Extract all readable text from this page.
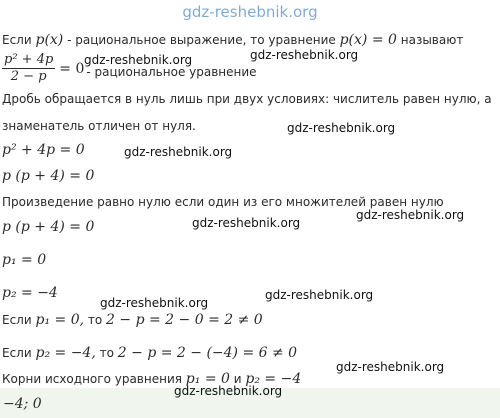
gdz-reshebnik.org
Если p(x) - рациональное выражение, то уравнение p(x) = 0 называют
$\frac{\text{p² + 4p}}{2 - p} = 0$ - рациональное уравнение
gdz-reshebnik.org	gdz-reshebnik.org
Дробь обращается в нуль лишь при двух условиях: числитель равен нулю, а
знаменатель отличен от нуля.	gdz-reshebnik.org
p² + 4p = 0	gdz-reshebnik.org
p (p + 4) = 0
Произведение равно нулю если один из его множителей равен нулю
gdz-reshebnik.org
p (p + 4) = 0	gdz-reshebnik.org
p₁ = 0
p₂ = −4	gdz-reshebnik.org
gdz-reshebnik.org
Если p₁ = 0, то 2 − p = 2 − 0 = 2 ≠ 0
Если p₂ = −4, то 2 − p = 2 − (−4) = 6 ≠ 0
gdz-reshebnik.org
Корни исходного уравнения p₁ = 0 и p₂ = −4
gdz-reshebnik.org
−4; 0
